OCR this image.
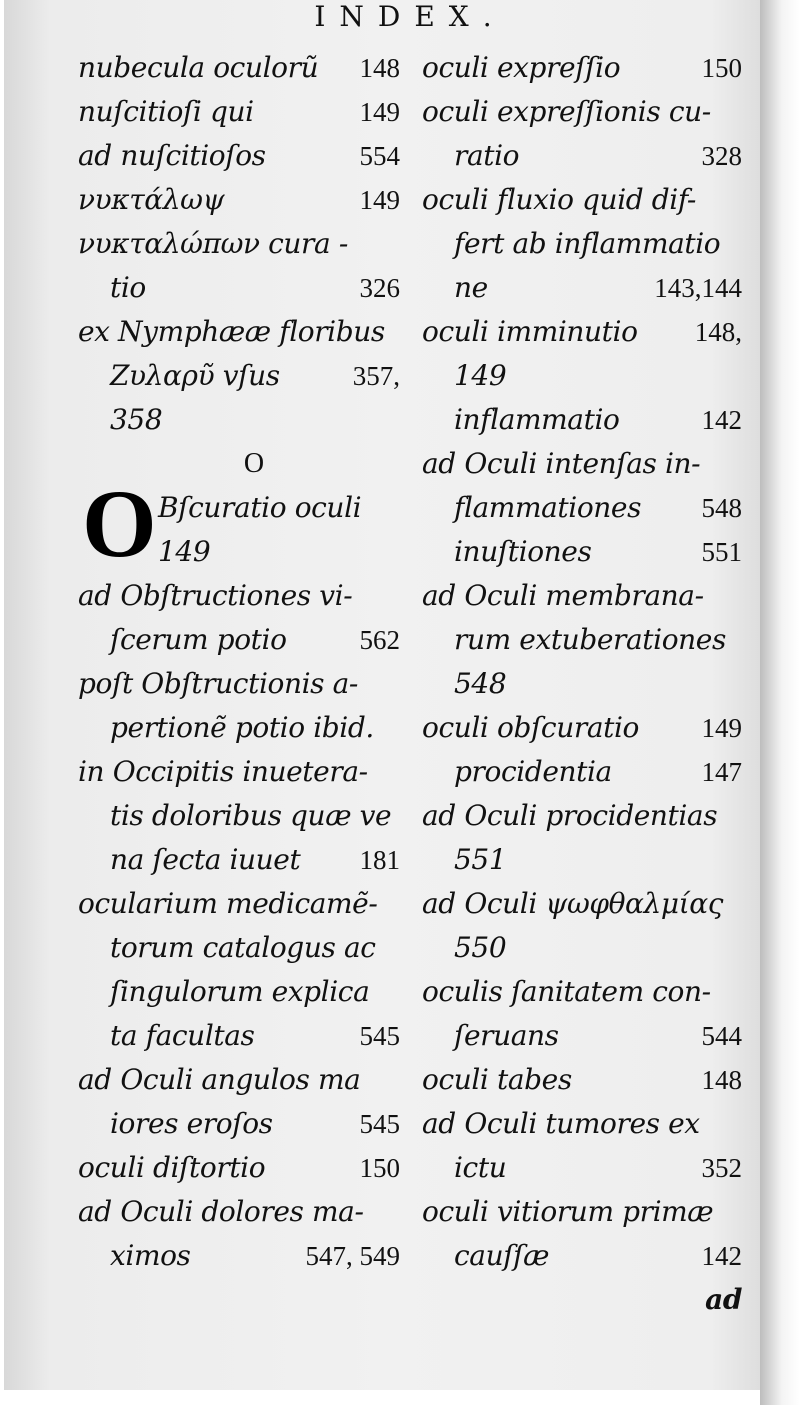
INDEX.
nubecula oculorũ 148
nuſcitioſi qui	149
ad nuſcitioſos	554
νυκτάλωψ	149
νυκταλώπων cura -
tio	326
ex Nymphææ floribus
Ζυλαρῦ vſus	357,
358
O
O Bſcuratio oculi
149
ad Obſtructiones vi-
ſcerum potio	562
poſt Obſtructionis a-
pertionẽ potio ibid.
in Occipitis inuetera-
tis doloribus quæ ve
na ſecta iuuet 181
ocularium medicamẽ-
torum catalogus ac
ſingulorum explica
ta facultas	545
ad Oculi angulos ma
iores eroſos	545
oculi diſtortio	150
ad Oculi dolores ma-
ximos	547, 549
oculi expreſſio	150
oculi expreſſionis cu-
ratio	328
oculi fluxio quid dif-
fert ab inflammatio
ne	143,144
oculi imminutio 148,
149
inflammatio	142
ad Oculi intenſas in-
flammationes 548
inuſtiones	551
ad Oculi membrana-
rum extuberationes
548
oculi obſcuratio 149
procidentia	147
ad Oculi procidentias
551
ad Oculi ψωφθαλμίας
550
oculis ſanitatem con-
ſeruans	544
oculi tabes	148
ad Oculi tumores ex
ictu	352
oculi vitiorum primæ
cauſſæ	142
ad
